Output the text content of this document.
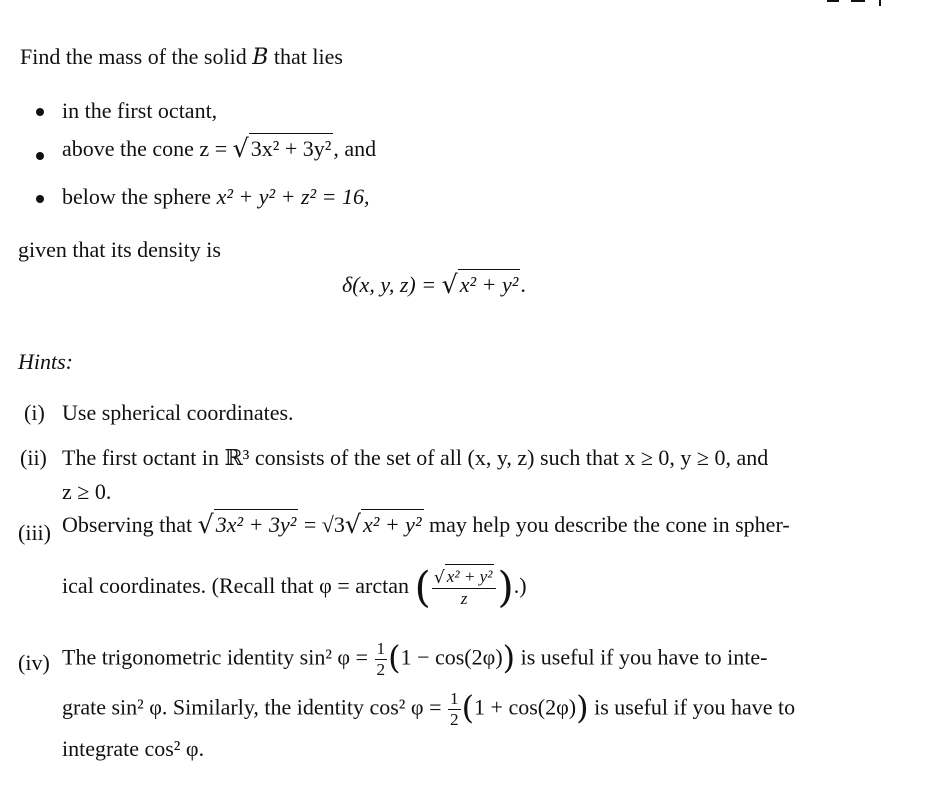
Find the mass of the solid B that lies
in the first octant,
above the cone z = √3x² + 3y², and
below the sphere x² + y² + z² = 16,
given that its density is
δ(x, y, z) = √x² + y².
Hints:
(i) Use spherical coordinates.
(ii) The first octant in ℝ³ consists of the set of all (x, y, z) such that x ≥ 0, y ≥ 0, and
z ≥ 0.
(iii) Observing that √3x² + 3y² = √3√x² + y² may help you describe the cone in spher-
ical coordinates. (Recall that φ = arctan ( $\frac{\text{√ x² + y²}}{z}$ ).)
(iv) The trigonometric identity sin² $\varphi = \frac{1}{2} (1 - \cos(2\varphi))$ is useful if you have to inte-
grate sin² φ. Similarly, the identity cos² $\varphi = \frac{1}{2} (1 + \cos(2\varphi))$ is useful if you have to
integrate cos² φ.
